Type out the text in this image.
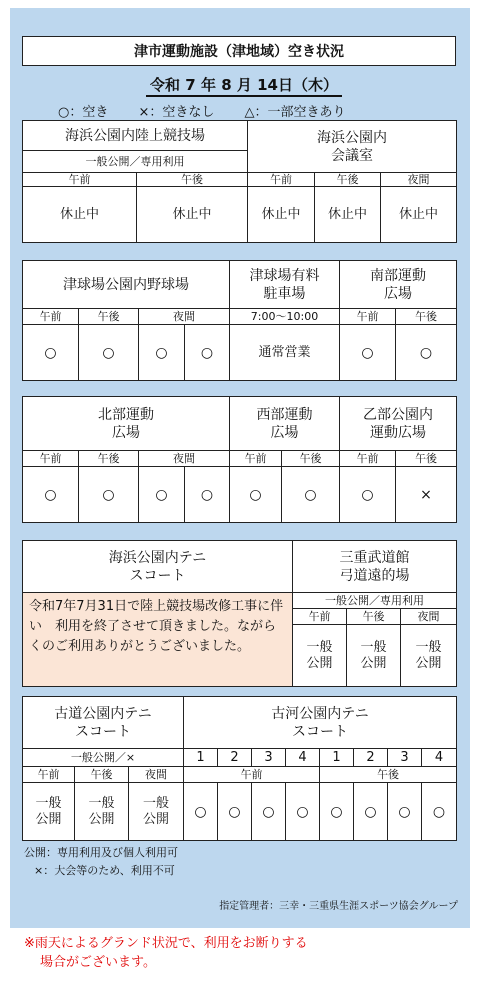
津市運動施設（津地域）空き状況
令和 7 年 8 月 14日（木）
○：空き ×：空きなし △：一部空きあり
海浜公園内陸上競技場		海浜公園内会議室		

一般公開／専用利用				
午前	午後	午前	午後	夜間
休止中	休止中	休止中	休止中	休止中
津球場公園内野球場				津球場有料駐車場	南部運動広場	

午前	午後	夜間		7:00～10:00	午前	午後
○	○	○	○	通常営業	○	○
北部運動広場				西部運動広場		乙部公園内運動広場	

午前	午後	夜間		午前	午後	午前	午後
○	○	○	○	○	○	○	×
海浜公園内テニスコート	三重武道館弓道遠的場		

令和7年7月31日で陸上競技場改修工事に伴い　利用を終了させて頂きました。ながらくのご利用ありがとうございました。	一般公開／専用利用		
	午前	午後	夜間

	一般公開	一般公開	一般公開
古道公園内テニスコート			古河公園内テニスコート							

一般公開／×			1	2	3	4	1	2	3	4
午前	午後	夜間	午前				午後			

一般公開	一般公開	一般公開	○	○	○	○	○	○	○	○
公開：専用利用及び個人利用可
×：大会等のため、利用不可
指定管理者：三幸・三重県生涯スポーツ協会グループ
※雨天によるグランド状況で、利用をお断りする
場合がございます。
